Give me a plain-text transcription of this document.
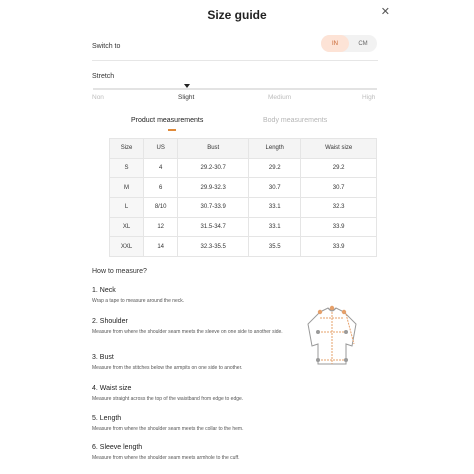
Size guide	✕
Switch to	IN	CM
Stretch
Non	Slight	Medium	High
Product measurements	Body measurements
Size	US	Bust	Length	Waist size
S	4	29.2-30.7	29.2	29.2
M	6	29.9-32.3	30.7	30.7
L	8/10	30.7-33.9	33.1	32.3
XL	12	31.5-34.7	33.1	33.9
XXL	14	32.3-35.5	35.5	33.9
How to measure?
1. Neck
Wrap a tape to measure around the neck.
2. Shoulder
Measure from where the shoulder seam meets the sleeve on one side to another side.
3. Bust
Measure from the stitches below the armpits on one side to another.
4. Waist size
Measure straight across the top of the waistband from edge to edge.
5. Length
Measure from where the shoulder seam meets the collar to the hem.
6. Sleeve length
Measure from where the shoulder seam meets armhole to the cuff.
